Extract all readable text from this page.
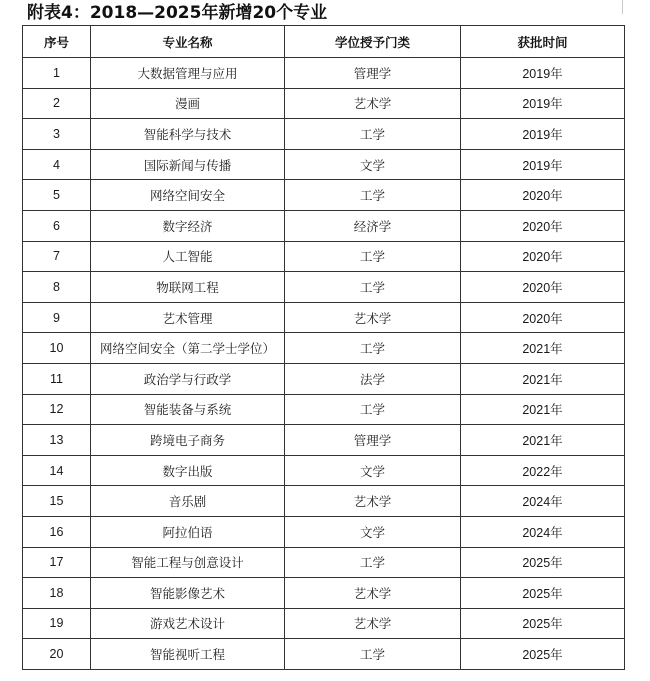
附表4：2018—2025年新增20个专业
序号	专业名称	学位授予门类	获批时间
1	大数据管理与应用	管理学	2019年
2	漫画	艺术学	2019年
3	智能科学与技术	工学	2019年
4	国际新闻与传播	文学	2019年
5	网络空间安全	工学	2020年
6	数字经济	经济学	2020年
7	人工智能	工学	2020年
8	物联网工程	工学	2020年
9	艺术管理	艺术学	2020年
10	网络空间安全（第二学士学位）	工学	2021年
11	政治学与行政学	法学	2021年
12	智能装备与系统	工学	2021年
13	跨境电子商务	管理学	2021年
14	数字出版	文学	2022年
15	音乐剧	艺术学	2024年
16	阿拉伯语	文学	2024年
17	智能工程与创意设计	工学	2025年
18	智能影像艺术	艺术学	2025年
19	游戏艺术设计	艺术学	2025年
20	智能视听工程	工学	2025年
